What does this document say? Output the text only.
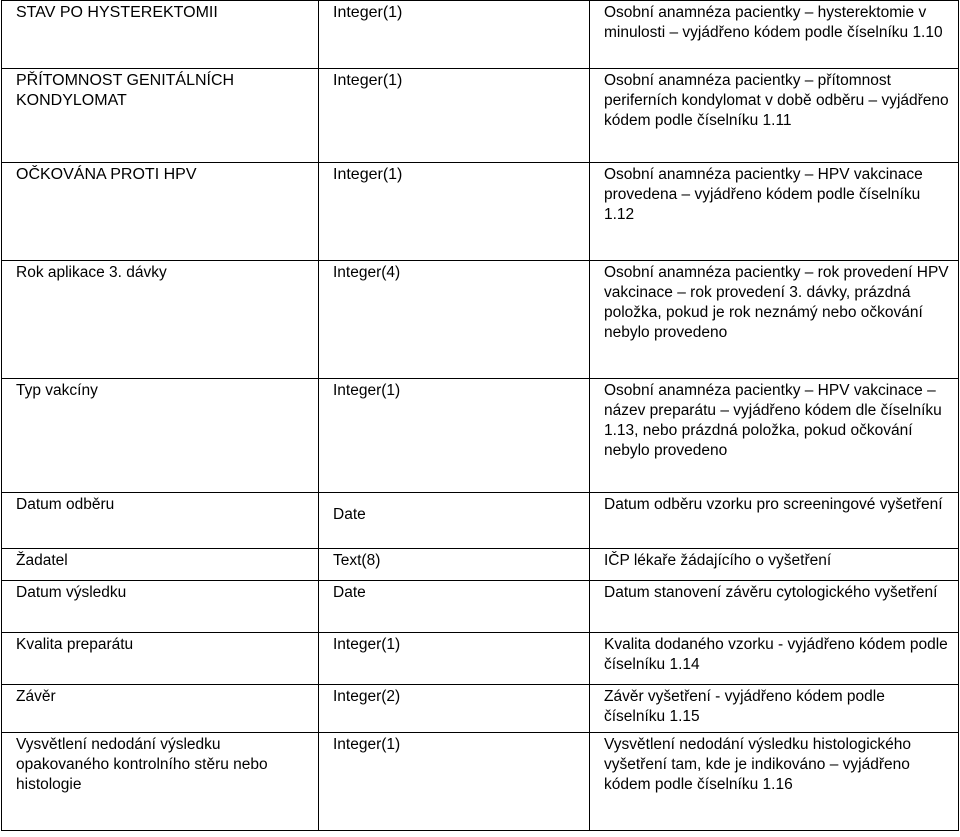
STAV PO HYSTEREKTOMII	Integer(1)	Osobní anamnéza pacientky – hysterektomie v minulosti – vyjádřeno kódem podle číselníku 1.10
PŘÍTOMNOST GENITÁLNÍCH KONDYLOMAT	Integer(1)	Osobní anamnéza pacientky – přítomnost periferních kondylomat v době odběru – vyjádřeno kódem podle číselníku 1.11
OČKOVÁNA PROTI HPV	Integer(1)	Osobní anamnéza pacientky – HPV vakcinace provedena – vyjádřeno kódem podle číselníku 1.12
Rok aplikace 3. dávky	Integer(4)	Osobní anamnéza pacientky – rok provedení HPV vakcinace – rok provedení 3. dávky, prázdná položka, pokud je rok neznámý nebo očkování nebylo provedeno
Typ vakcíny	Integer(1)	Osobní anamnéza pacientky – HPV vakcinace – název preparátu – vyjádřeno kódem dle číselníku 1.13, nebo prázdná položka, pokud očkování nebylo provedeno
Datum odběru	Date	Datum odběru vzorku pro screeningové vyšetření
Žadatel	Text(8)	IČP lékaře žádajícího o vyšetření
Datum výsledku	Date	Datum stanovení závěru cytologického vyšetření
Kvalita preparátu	Integer(1)	Kvalita dodaného vzorku - vyjádřeno kódem podle číselníku 1.14
Závěr	Integer(2)	Závěr vyšetření - vyjádřeno kódem podle číselníku 1.15
Vysvětlení nedodání výsledku opakovaného kontrolního stěru nebo histologie	Integer(1)	Vysvětlení nedodání výsledku histologického vyšetření tam, kde je indikováno – vyjádřeno kódem podle číselníku 1.16
